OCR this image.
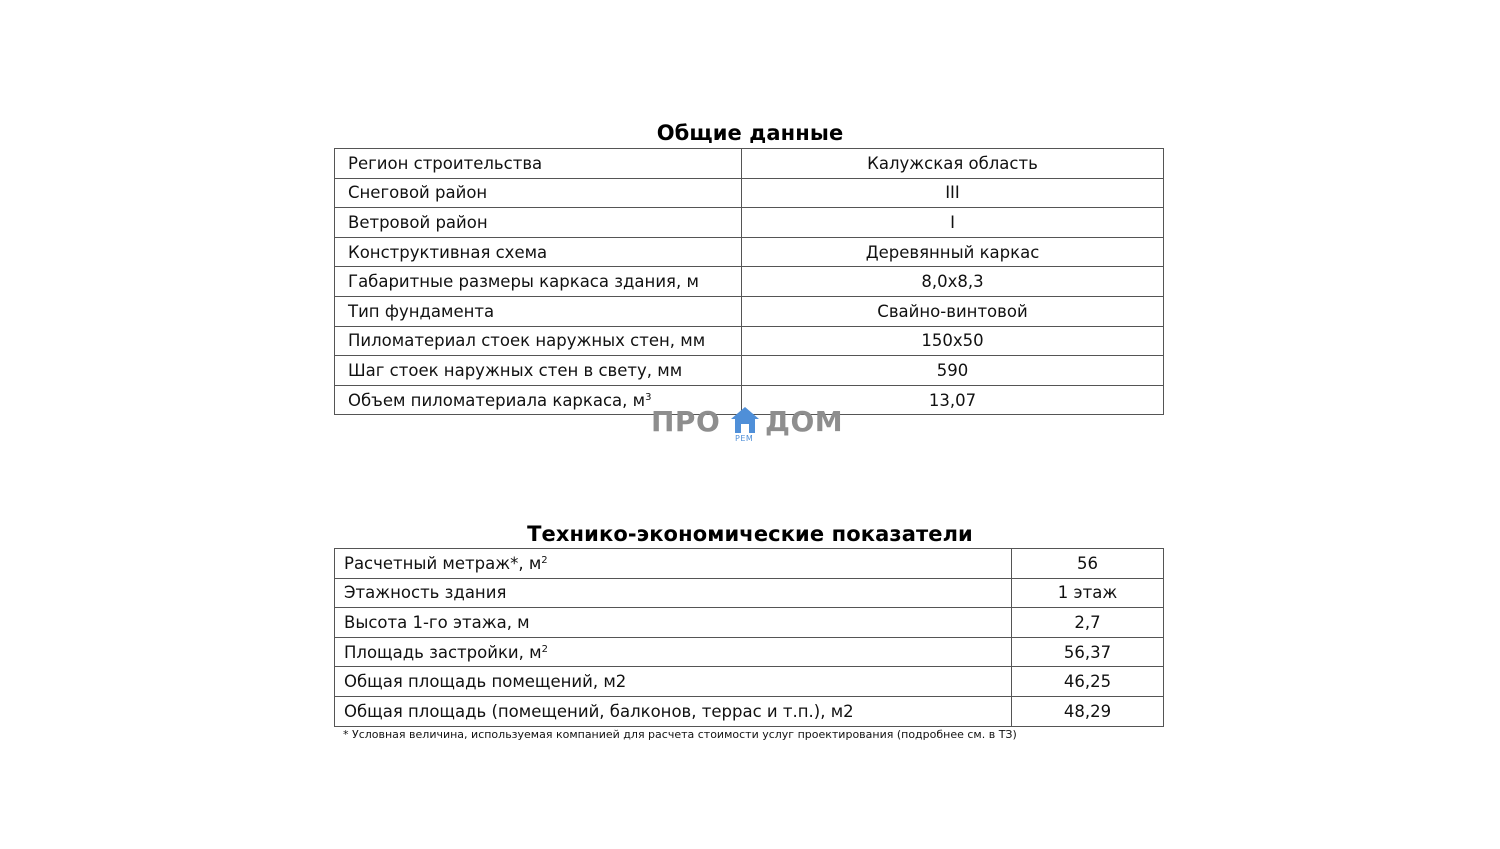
Общие данные
Регион строительства	Калужская область
Снеговой район	III
Ветровой район	I
Конструктивная схема	Деревянный каркас
Габаритные размеры каркаса здания, м	8,0х8,3
Тип фундамента	Свайно-винтовой
Пиломатериал стоек наружных стен, мм	150х50
Шаг стоек наружных стен в свету, мм	590
Объем пиломатериала каркаса, $м^3$	13,07
ПРО
РЕМ
ДОМ
Технико-экономические показатели
Расчетный метраж*, $м^2$	56
Этажность здания	1 этаж
Высота 1-го этажа, м	2,7
Площадь застройки, $м^2$	56,37
Общая площадь помещений, м2	46,25
Общая площадь (помещений, балконов, террас и т.п.), м2	48,29
* Условная величина, используемая компанией для расчета стоимости услуг проектирования (подробнее см. в ТЗ)
